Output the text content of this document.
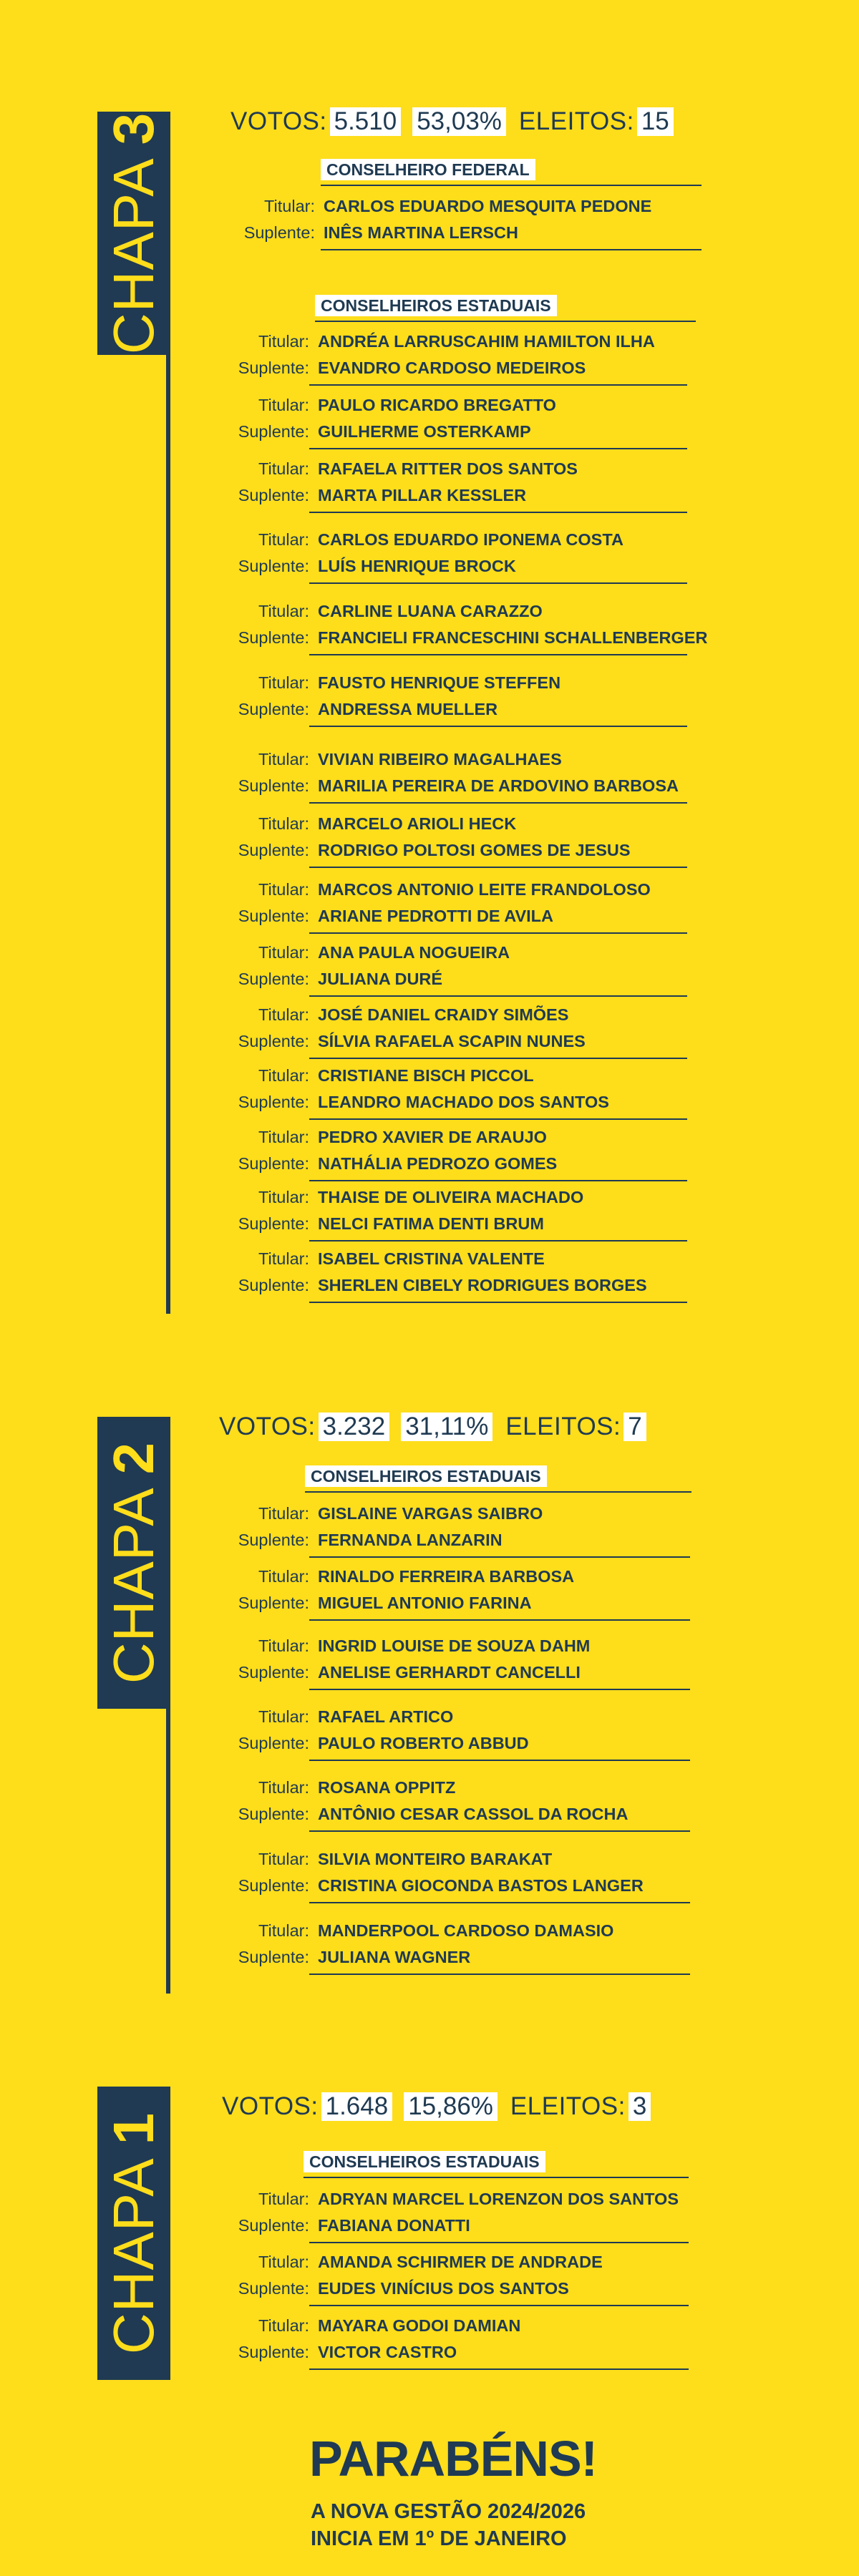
CHAPA3	VOTOS: 5.510 53,03% ELEITOS: 15
CONSELHEIRO FEDERAL
Titular: CARLOS EDUARDO MESQUITA PEDONE
Suplente: INÊS MARTINA LERSCH
CONSELHEIROS ESTADUAIS
Titular: ANDRÉA LARRUSCAHIM HAMILTON ILHA
Suplente: EVANDRO CARDOSO MEDEIROS
Titular: PAULO RICARDO BREGATTO
Suplente: GUILHERME OSTERKAMP
Titular: RAFAELA RITTER DOS SANTOS
Suplente: MARTA PILLAR KESSLER
Titular: CARLOS EDUARDO IPONEMA COSTA
Suplente: LUÍS HENRIQUE BROCK
Titular: CARLINE LUANA CARAZZO
Suplente: FRANCIELI FRANCESCHINI SCHALLENBERGER
Titular: FAUSTO HENRIQUE STEFFEN
Suplente: ANDRESSA MUELLER
Titular: VIVIAN RIBEIRO MAGALHAES
Suplente: MARILIA PEREIRA DE ARDOVINO BARBOSA
Titular: MARCELO ARIOLI HECK
Suplente: RODRIGO POLTOSI GOMES DE JESUS
Titular: MARCOS ANTONIO LEITE FRANDOLOSO
Suplente: ARIANE PEDROTTI DE AVILA
Titular: ANA PAULA NOGUEIRA
Suplente: JULIANA DURÉ
Titular: JOSÉ DANIEL CRAIDY SIMÕES
Suplente: SÍLVIA RAFAELA SCAPIN NUNES
Titular: CRISTIANE BISCH PICCOL
Suplente: LEANDRO MACHADO DOS SANTOS
Titular: PEDRO XAVIER DE ARAUJO
Suplente: NATHÁLIA PEDROZO GOMES
Titular: THAISE DE OLIVEIRA MACHADO
Suplente: NELCI FATIMA DENTI BRUM
Titular: ISABEL CRISTINA VALENTE
Suplente: SHERLEN CIBELY RODRIGUES BORGES
CHAPA2
VOTOS: 3.232 31,11% ELEITOS: 7
CONSELHEIROS ESTADUAIS
Titular: GISLAINE VARGAS SAIBRO
Suplente: FERNANDA LANZARIN
Titular: RINALDO FERREIRA BARBOSA
Suplente: MIGUEL ANTONIO FARINA
Titular: INGRID LOUISE DE SOUZA DAHM
Suplente: ANELISE GERHARDT CANCELLI
Titular: RAFAEL ARTICO
Suplente: PAULO ROBERTO ABBUD
Titular: ROSANA OPPITZ
Suplente: ANTÔNIO CESAR CASSOL DA ROCHA
Titular: SILVIA MONTEIRO BARAKAT
Suplente: CRISTINA GIOCONDA BASTOS LANGER
Titular: MANDERPOOL CARDOSO DAMASIO
Suplente: JULIANA WAGNER
CHAPA1
VOTOS: 1.648 15,86% ELEITOS: 3
CONSELHEIROS ESTADUAIS
Titular: ADRYAN MARCEL LORENZON DOS SANTOS
Suplente: FABIANA DONATTI
Titular: AMANDA SCHIRMER DE ANDRADE
Suplente: EUDES VINÍCIUS DOS SANTOS
Titular: MAYARA GODOI DAMIAN
Suplente: VICTOR CASTRO
PARABÉNS!
A NOVA GESTÃO 2024/2026
INICIA EM 1º DE JANEIRO
